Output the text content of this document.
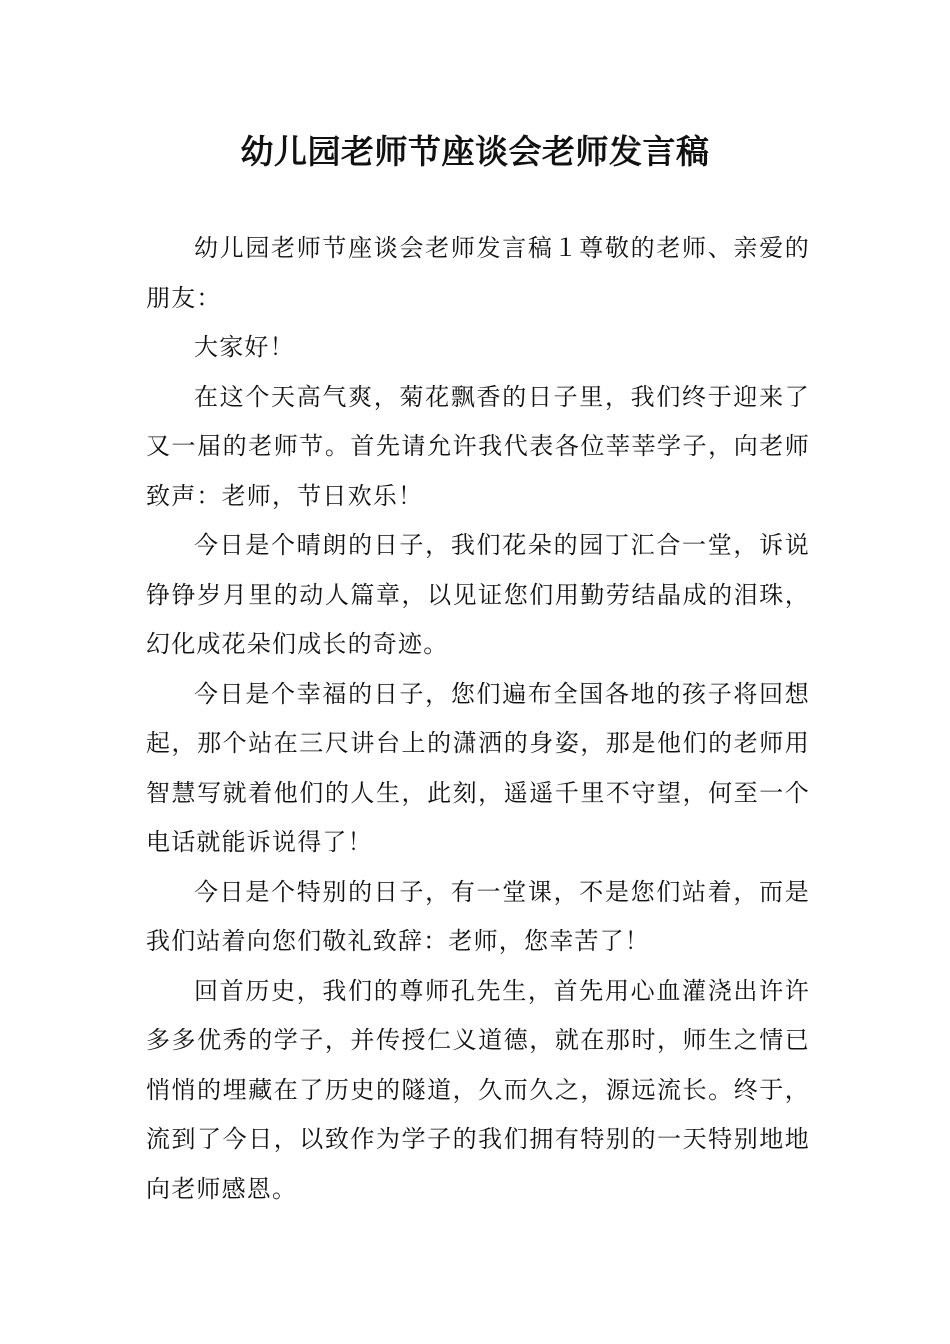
幼儿园老师节座谈会老师发言稿

幼儿园老师节座谈会老师发言稿１尊敬的老师、亲爱的朋友：

大家好！

在这个天高气爽，菊花飘香的日子里，我们终于迎来了又一届的老师节。首先请允许我代表各位莘莘学子，向老师致声：老师，节日欢乐！

今日是个晴朗的日子，我们花朵的园丁汇合一堂，诉说铮铮岁月里的动人篇章，以见证您们用勤劳结晶成的泪珠，幻化成花朵们成长的奇迹。

今日是个幸福的日子，您们遍布全国各地的孩子将回想起，那个站在三尺讲台上的潇洒的身姿，那是他们的老师用智慧写就着他们的人生，此刻，遥遥千里不守望，何至一个电话就能诉说得了！

今日是个特别的日子，有一堂课，不是您们站着，而是我们站着向您们敬礼致辞：老师，您幸苦了！

回首历史，我们的尊师孔先生，首先用心血灌浇出许许多多优秀的学子，并传授仁义道德，就在那时，师生之情已悄悄的埋藏在了历史的隧道，久而久之，源远流长。终于，流到了今日，以致作为学子的我们拥有特别的一天特别地地向老师感恩。
